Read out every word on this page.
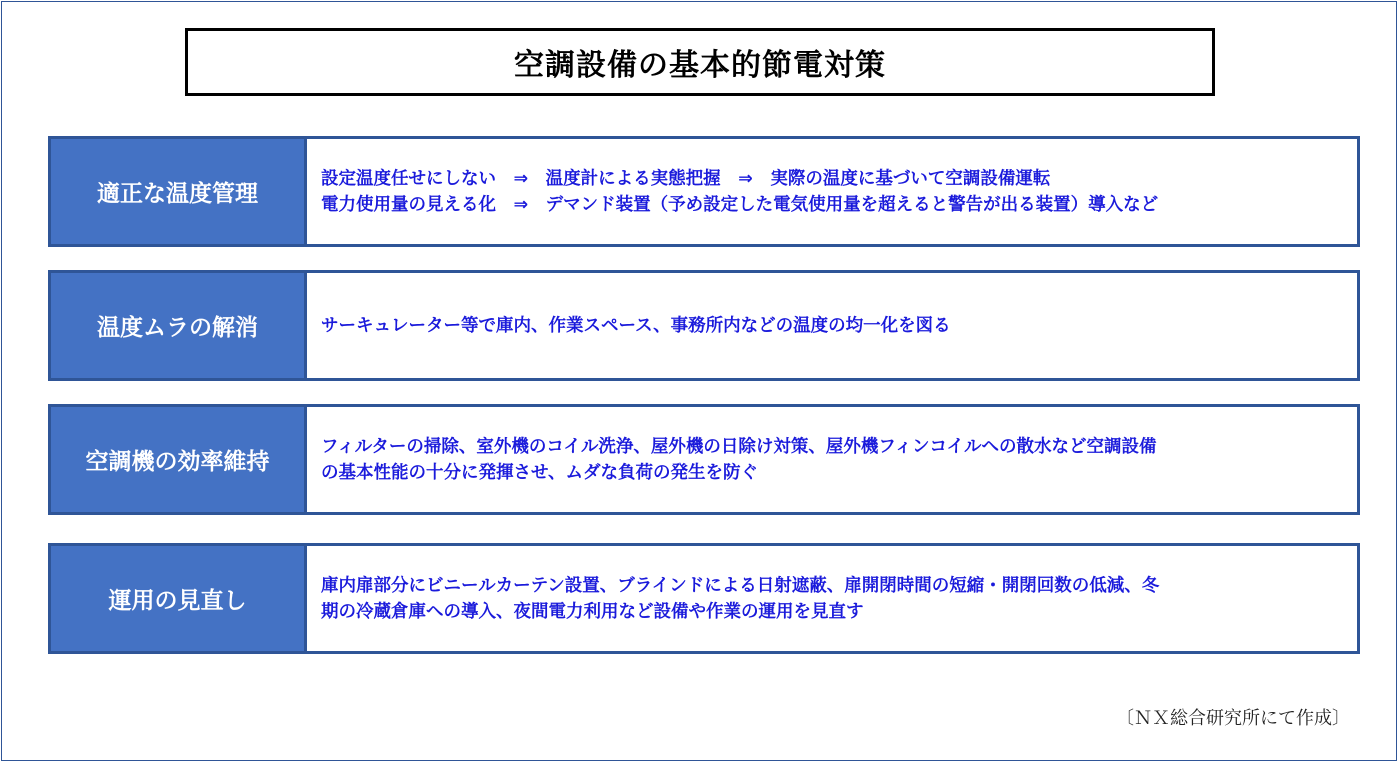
空調設備の基本的節電対策
適正な温度管理
設定温度任せにしない　⇒　温度計による実態把握　⇒　実際の温度に基づいて空調設備運転
電力使用量の見える化　⇒　デマンド装置（予め設定した電気使用量を超えると警告が出る装置）導入など
温度ムラの解消	サーキュレーター等で庫内、作業スペース、事務所内などの温度の均一化を図る
空調機の効率維持
フィルターの掃除、室外機のコイル洗浄、屋外機の日除け対策、屋外機フィンコイルへの散水など空調設備
の基本性能の十分に発揮させ、ムダな負荷の発生を防ぐ
運用の見直し
庫内扉部分にビニールカーテン設置、ブラインドによる日射遮蔽、扉開閉時間の短縮・開閉回数の低減、冬
期の冷蔵倉庫への導入、夜間電力利用など設備や作業の運用を見直す
〔ＮＸ総合研究所にて作成〕
